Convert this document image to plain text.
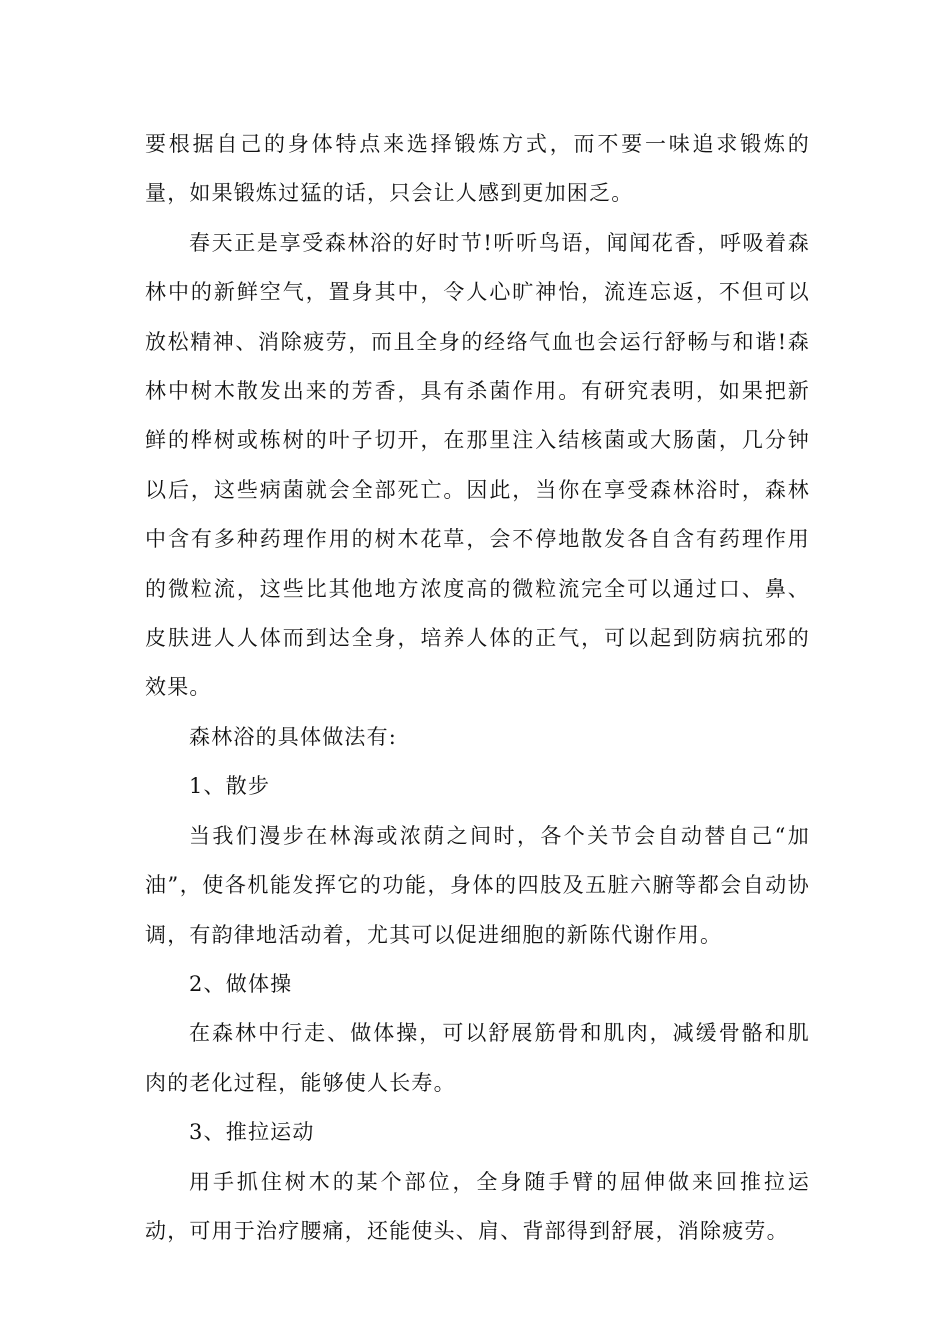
要根据自己的身体特点来选择锻炼方式，而不要一味追求锻炼的量，如果锻炼过猛的话，只会让人感到更加困乏。

春天正是享受森林浴的好时节!听听鸟语，闻闻花香，呼吸着森林中的新鲜空气，置身其中，令人心旷神怡，流连忘返，不但可以放松精神、消除疲劳，而且全身的经络气血也会运行舒畅与和谐!森林中树木散发出来的芳香，具有杀菌作用。有研究表明，如果把新鲜的桦树或栋树的叶子切开，在那里注入结核菌或大肠菌，几分钟以后，这些病菌就会全部死亡。因此，当你在享受森林浴时，森林中含有多种药理作用的树木花草，会不停地散发各自含有药理作用的微粒流，这些比其他地方浓度高的微粒流完全可以通过口、鼻、皮肤进人人体而到达全身，培养人体的正气，可以起到防病抗邪的效果。

森林浴的具体做法有:

1、散步

当我们漫步在林海或浓荫之间时，各个关节会自动替自己“加油”，使各机能发挥它的功能，身体的四肢及五脏六腑等都会自动协调，有韵律地活动着，尤其可以促进细胞的新陈代谢作用。

2、做体操

在森林中行走、做体操，可以舒展筋骨和肌肉，减缓骨骼和肌肉的老化过程，能够使人长寿。

3、推拉运动

用手抓住树木的某个部位，全身随手臂的屈伸做来回推拉运动，可用于治疗腰痛，还能使头、肩、背部得到舒展，消除疲劳。
